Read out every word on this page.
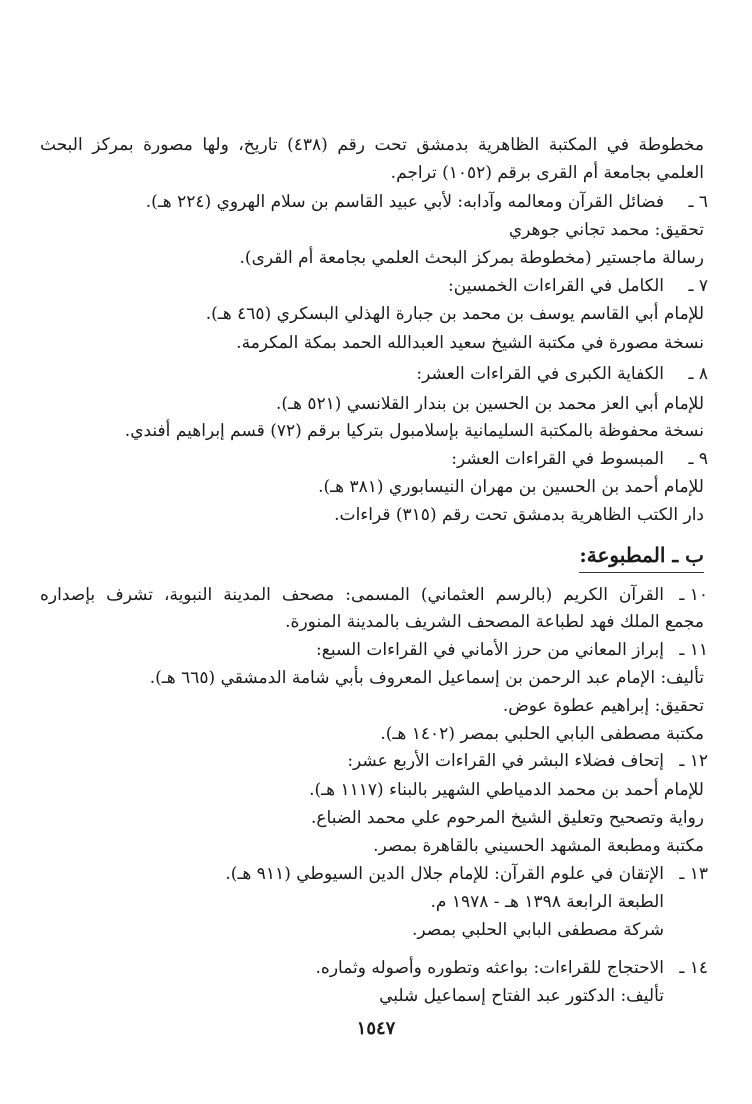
مخطوطة في المكتبة الظاهرية بدمشق تحت رقم (٤٣٨) تاريخ، ولها مصورة بمركز البحث
العلمي بجامعة أم القرى برقم (١٠٥٢) تراجم.
٦ ـ
فضائل القرآن ومعالمه وآدابه: لأبي عبيد القاسم بن سلام الهروي (٢٢٤ هـ).
تحقيق: محمد تجاني جوهري
رسالة ماجستير (مخطوطة بمركز البحث العلمي بجامعة أم القرى).
٧ ـ
الكامل في القراءات الخمسين:
للإمام أبي القاسم يوسف بن محمد بن جبارة الهذلي البسكري (٤٦٥ هـ).
نسخة مصورة في مكتبة الشيخ سعيد العبدالله الحمد بمكة المكرمة.
٨ ـ
الكفاية الكبرى في القراءات العشر:
للإمام أبي العز محمد بن الحسين بن بندار القلانسي (٥٢١ هـ).
نسخة محفوظة بالمكتبة السليمانية بإسلامبول بتركيا برقم (٧٢) قسم إبراهيم أفندي.
٩ ـ
المبسوط في القراءات العشر:
للإمام أحمد بن الحسين بن مهران النيسابوري (٣٨١ هـ).
دار الكتب الظاهرية بدمشق تحت رقم (٣١٥) قراءات.
ب ـ المطبوعة:
١٠ ـ
القرآن الكريم (بالرسم العثماني) المسمى: مصحف المدينة النبوية، تشرف بإصداره
مجمع الملك فهد لطباعة المصحف الشريف بالمدينة المنورة.
١١ ـ
إبراز المعاني من حرز الأماني في القراءات السبع:
تأليف: الإمام عبد الرحمن بن إسماعيل المعروف بأبي شامة الدمشقي (٦٦٥ هـ).
تحقيق: إبراهيم عطوة عوض.
مكتبة مصطفى البابي الحلبي بمصر (١٤٠٢ هـ).
١٢ ـ
إتحاف فضلاء البشر في القراءات الأربع عشر:
للإمام أحمد بن محمد الدمياطي الشهير بالبناء (١١١٧ هـ).
رواية وتصحيح وتعليق الشيخ المرحوم علي محمد الضباع.
مكتبة ومطبعة المشهد الحسيني بالقاهرة بمصر.
١٣ ـ
الإتقان في علوم القرآن: للإمام جلال الدين السيوطي (٩١١ هـ).
الطبعة الرابعة ١٣٩٨ هـ - ١٩٧٨ م.
شركة مصطفى البابي الحلبي بمصر.
١٤ ـ
الاحتجاج للقراءات: بواعثه وتطوره وأصوله وثماره.
تأليف: الدكتور عبد الفتاح إسماعيل شلبي
١٥٤٧
